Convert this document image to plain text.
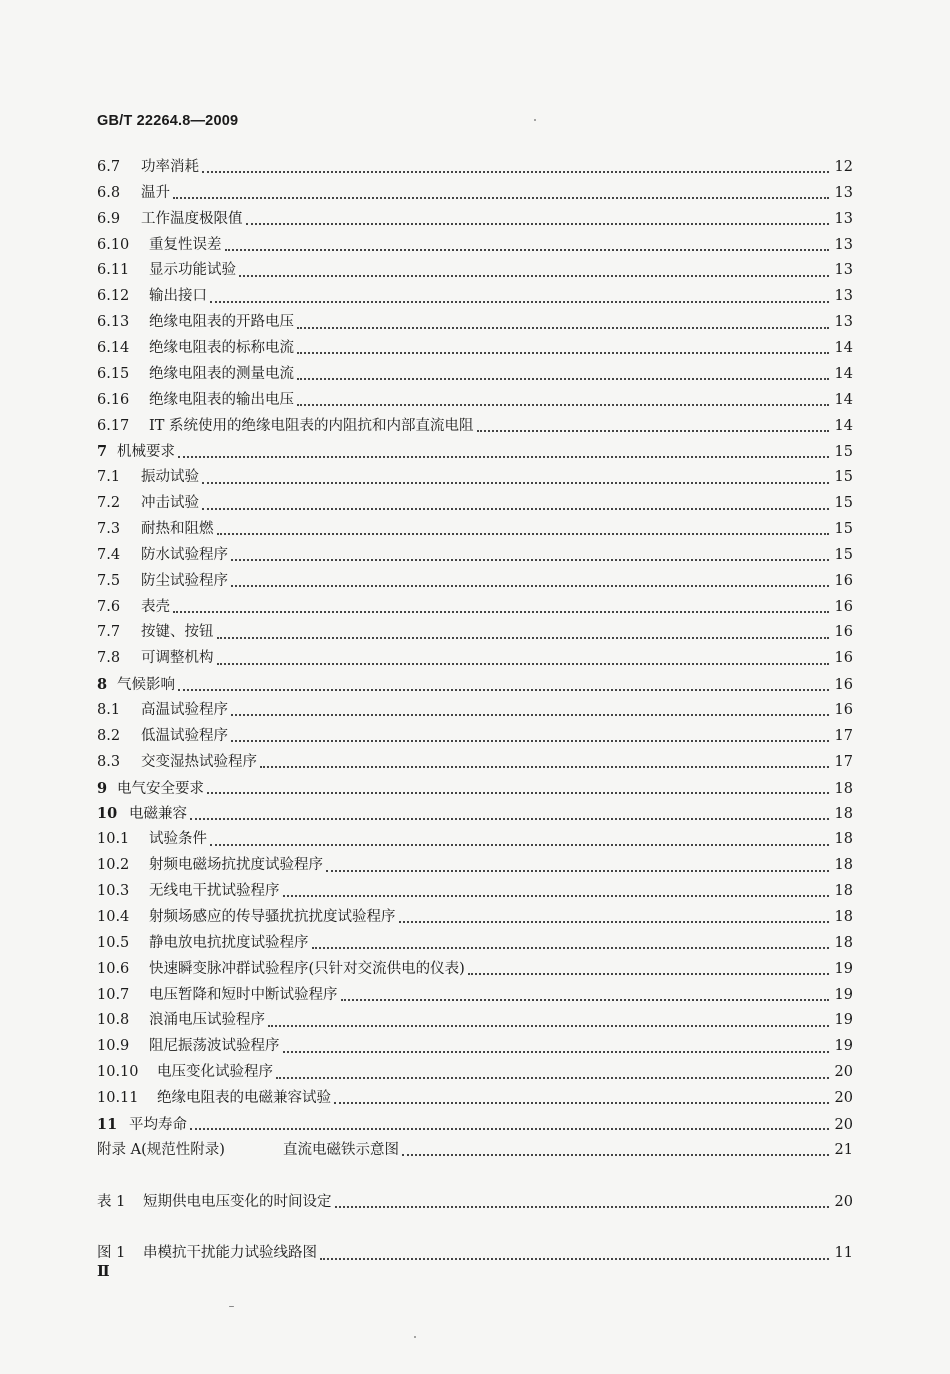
GB/T 22264.8—2009
6.7	功率消耗	12
6.8	温升	13
6.9	工作温度极限值	13
6.10	重复性误差	13
6.11	显示功能试验	13
6.12	输出接口	13
6.13	绝缘电阻表的开路电压	13
6.14	绝缘电阻表的标称电流	14
6.15	绝缘电阻表的测量电流	14
6.16	绝缘电阻表的输出电压	14
6.17	IT 系统使用的绝缘电阻表的内阻抗和内部直流电阻	14
7 机械要求	15
7.1	振动试验	15
7.2	冲击试验	15
7.3	耐热和阻燃	15
7.4	防水试验程序	15
7.5	防尘试验程序	16
7.6	表壳	16
7.7	按键、按钮	16
7.8	可调整机构	16
8 气候影响	16
8.1	高温试验程序	16
8.2	低温试验程序	17
8.3	交变湿热试验程序	17
9 电气安全要求	18
10 电磁兼容	18
10.1	试验条件	18
10.2	射频电磁场抗扰度试验程序	18
10.3	无线电干扰试验程序	18
10.4	射频场感应的传导骚扰抗扰度试验程序	18
10.5	静电放电抗扰度试验程序	18
10.6	快速瞬变脉冲群试验程序(只针对交流供电的仪表)	19
10.7	电压暂降和短时中断试验程序	19
10.8	浪涌电压试验程序	19
10.9	阻尼振荡波试验程序	19
10.10	电压变化试验程序	20
10.11	绝缘电阻表的电磁兼容试验	20
11 平均寿命	20
附录 A(规范性附录)	直流电磁铁示意图	21
表 1	短期供电电压变化的时间设定	20
图 1	串模抗干扰能力试验线路图	11
Ⅱ
